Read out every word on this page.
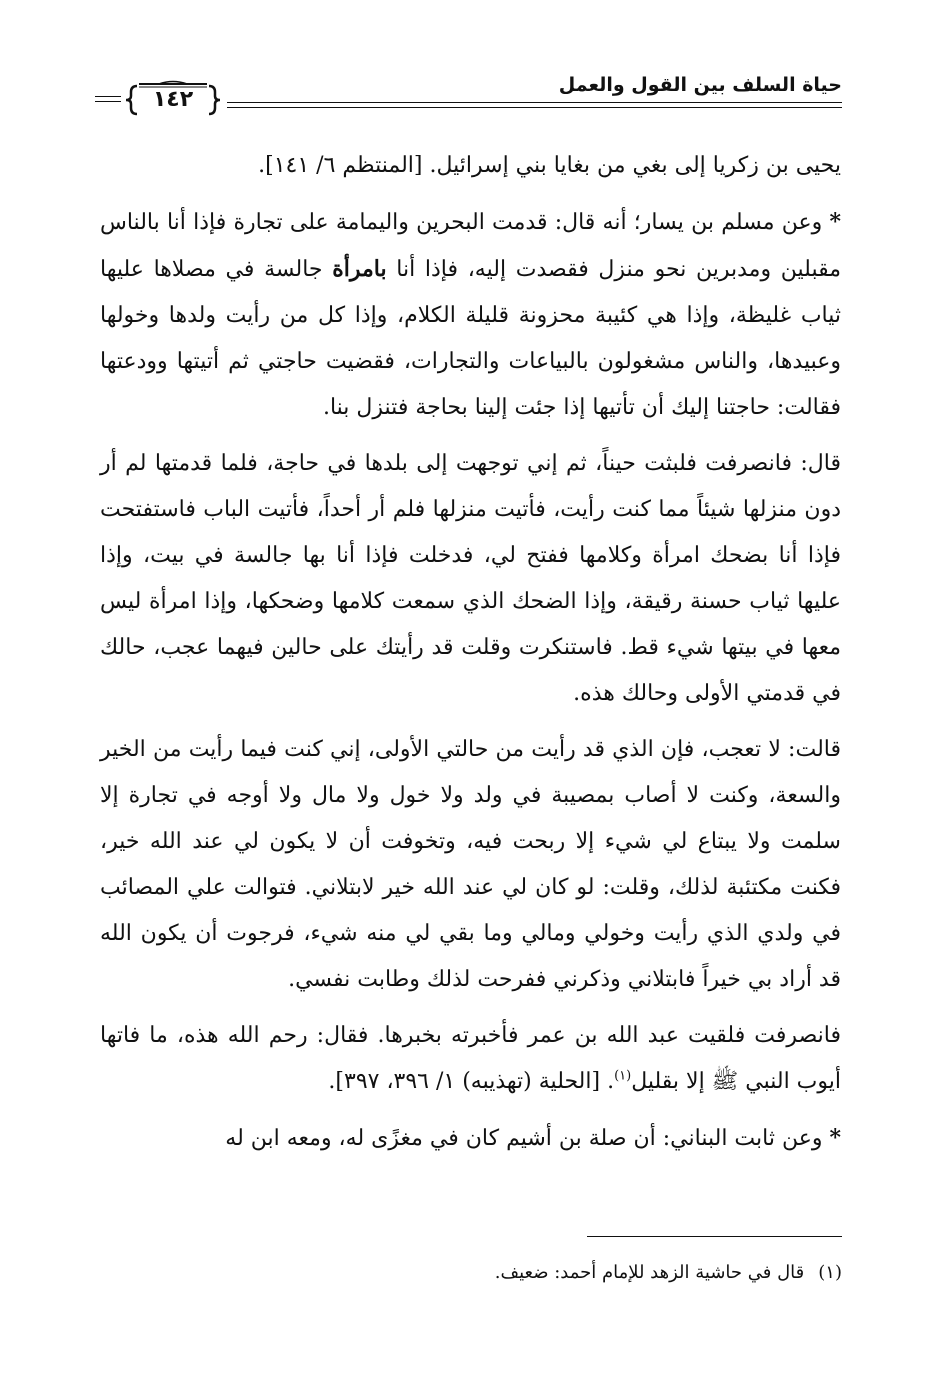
حياة السلف بين القول والعمل
١٤٢

يحيى بن زكريا إلى بغي من بغايا بني إسرائيل. [المنتظم ٦/ ١٤١].

* وعن مسلم بن يسار؛ أنه قال: قدمت البحرين واليمامة على تجارة فإذا أنا بالناس مقبلين ومدبرين نحو منزل فقصدت إليه، فإذا أنا بامرأة جالسة في مصلاها عليها ثياب غليظة، وإذا هي كئيبة محزونة قليلة الكلام، وإذا كل من رأيت ولدها وخولها وعبيدها، والناس مشغولون بالبياعات والتجارات، فقضيت حاجتي ثم أتيتها وودعتها فقالت: حاجتنا إليك أن تأتيها إذا جئت إلينا بحاجة فتنزل بنا.

قال: فانصرفت فلبثت حيناً، ثم إني توجهت إلى بلدها في حاجة، فلما قدمتها لم أر دون منزلها شيئاً مما كنت رأيت، فأتيت منزلها فلم أر أحداً، فأتيت الباب فاستفتحت فإذا أنا بضحك امرأة وكلامها ففتح لي، فدخلت فإذا أنا بها جالسة في بيت، وإذا عليها ثياب حسنة رقيقة، وإذا الضحك الذي سمعت كلامها وضحكها، وإذا امرأة ليس معها في بيتها شيء قط. فاستنكرت وقلت قد رأيتك على حالين فيهما عجب، حالك في قدمتي الأولى وحالك هذه.

قالت: لا تعجب، فإن الذي قد رأيت من حالتي الأولى، إني كنت فيما رأيت من الخير والسعة، وكنت لا أصاب بمصيبة في ولد ولا خول ولا مال ولا أوجه في تجارة إلا سلمت ولا يبتاع لي شيء إلا ربحت فيه، وتخوفت أن لا يكون لي عند الله خير، فكنت مكتئبة لذلك، وقلت: لو كان لي عند الله خير لابتلاني. فتوالت علي المصائب في ولدي الذي رأيت وخولي ومالي وما بقي لي منه شيء، فرجوت أن يكون الله قد أراد بي خيراً فابتلاني وذكرني ففرحت لذلك وطابت نفسي.

فانصرفت فلقيت عبد الله بن عمر فأخبرته بخبرها. فقال: رحم الله هذه، ما فاتها أيوب النبي ﷺ إلا بقليل$^{(١)}$. [الحلية (تهذيبه) ١/ ٣٩٦، ٣٩٧].

* وعن ثابت البناني: أن صلة بن أشيم كان في مغزًى له، ومعه ابن له

(١)قال في حاشية الزهد للإمام أحمد: ضعيف.
